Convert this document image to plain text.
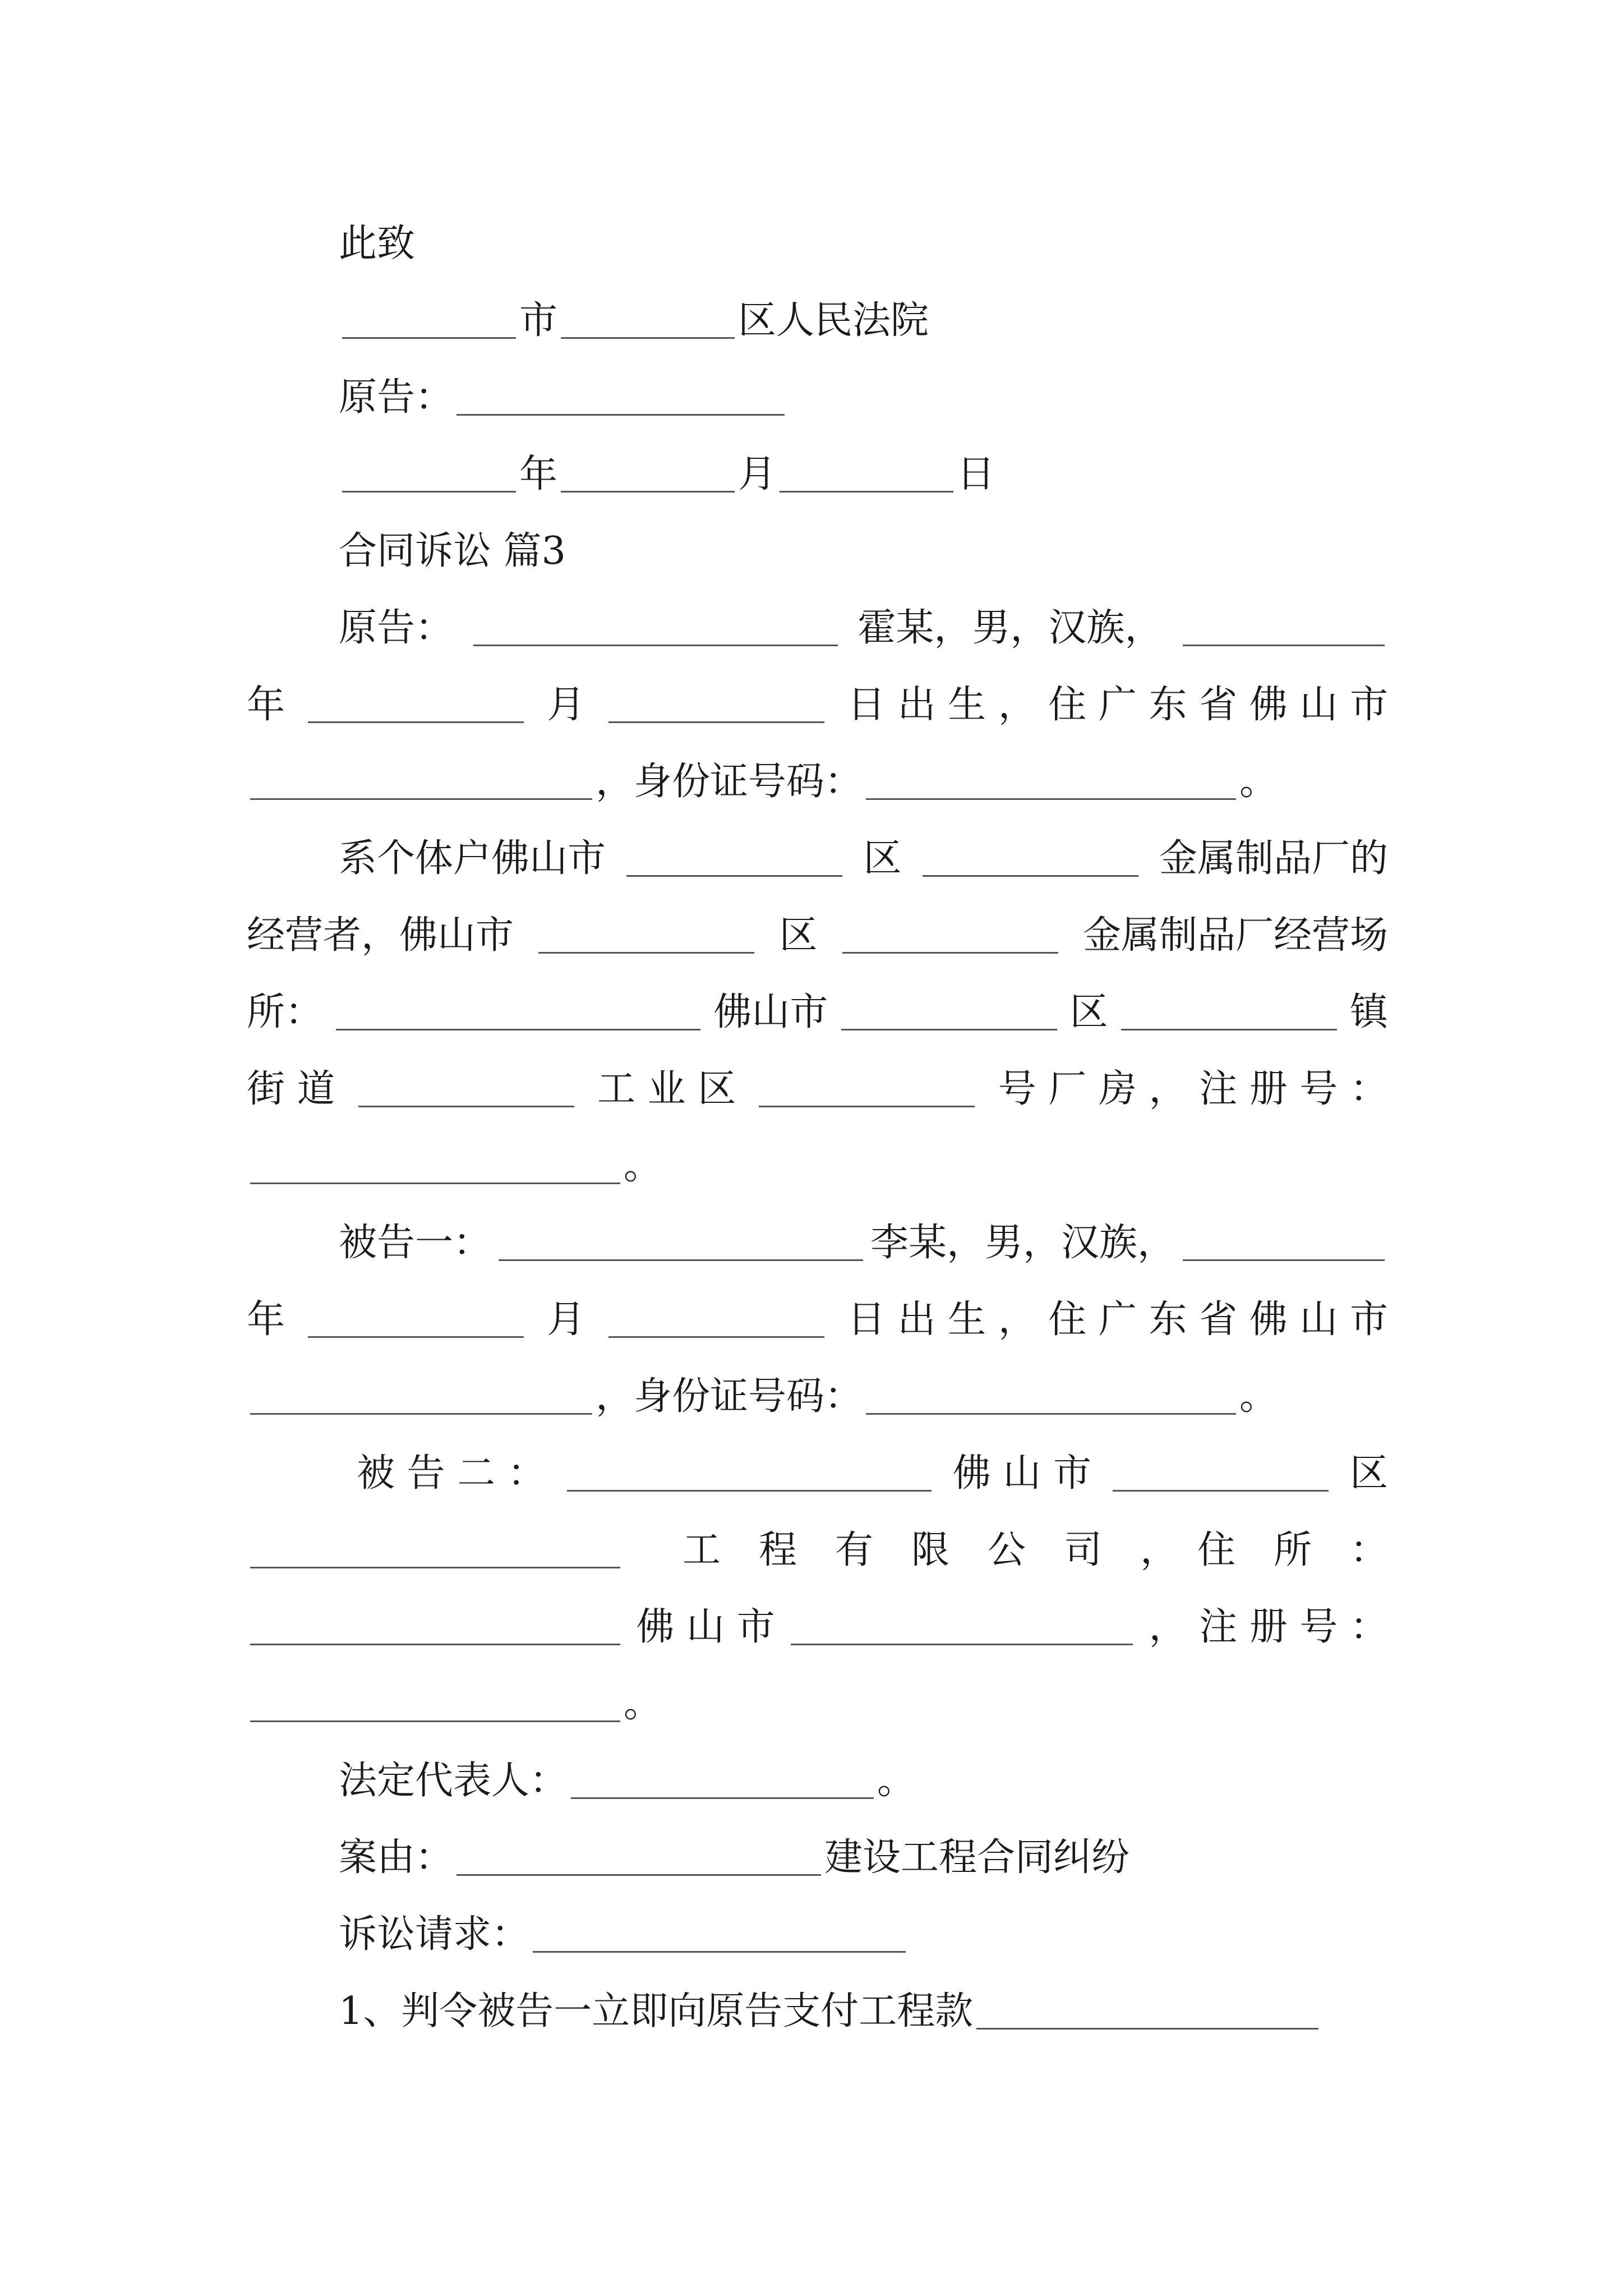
此致
市	区人民法院
原告：
年	月	日
合同诉讼 篇3
原告：	霍某，男，汉族，
年	月	日 出 生 ， 住 广 东 省 佛 山 市
，身份证号码：	。
系个体户佛山市	区	金属制品厂的
经营者，佛山市	区	金属制品厂经营场
所：	佛山市	区	镇
街 道	工 业 区	号 厂 房 ， 注 册 号 ：
。
被告一：	李某，男，汉族，
年	月	日 出 生 ， 住 广 东 省 佛 山 市
，身份证号码：	。
被 告 二 ：	佛 山 市	区
工　程　有　限　公　司　，　住　所　：
佛 山 市	， 注 册 号 ：
。
法定代表人：	。
案由：	建设工程合同纠纷
诉讼请求：
1、判令被告一立即向原告支付工程款
